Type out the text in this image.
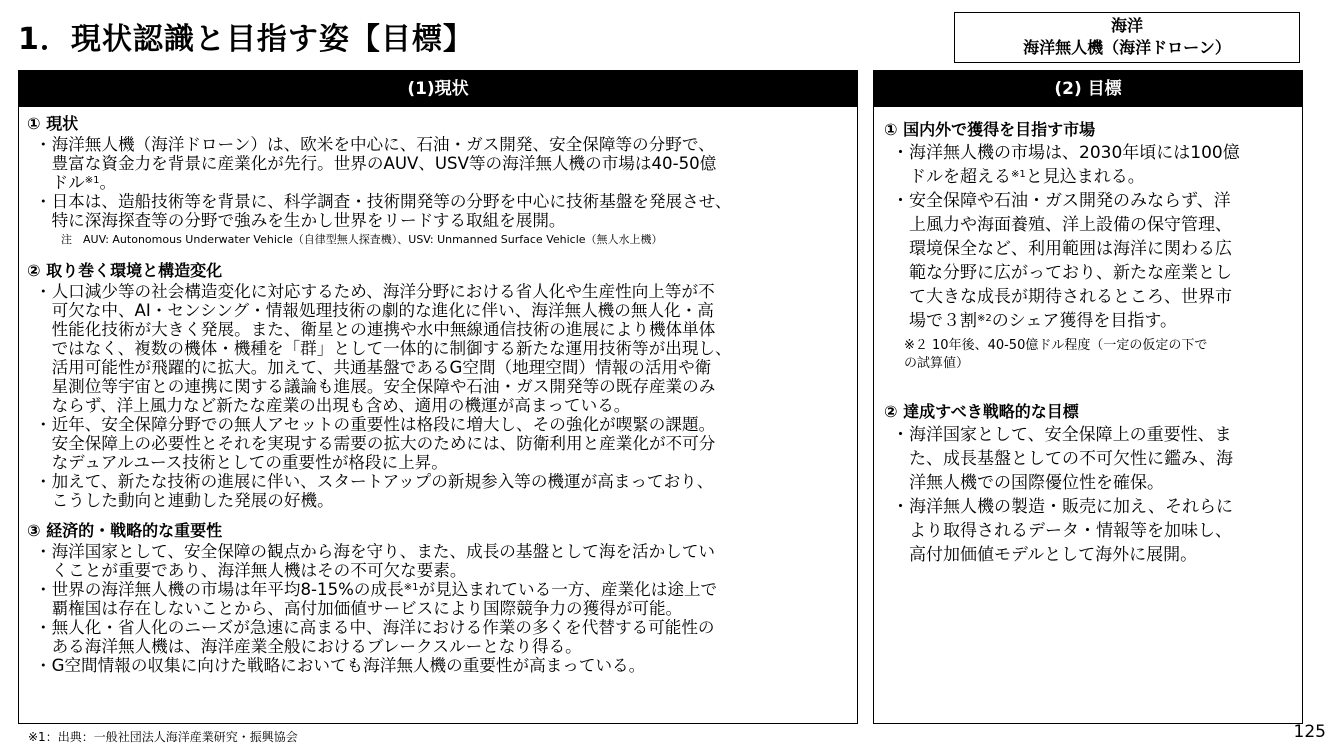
1．現状認識と目指す姿【目標】	海洋
海洋無人機（海洋ドローン）
(1)現状
① 現状
・ 海洋無人機（海洋ドローン）は、欧米を中心に、石油・ガス開発、安全保障等の分野で、
豊富な資金力を背景に産業化が先行。世界のAUV、USV等の海洋無人機の市場は40-50億
ドル$^{※1}$。
・ 日本は、造船技術等を背景に、科学調査・技術開発等の分野を中心に技術基盤を発展させ、
特に深海探査等の分野で強みを生かし世界をリードする取組を展開。
注　AUV: Autonomous Underwater Vehicle（自律型無人探査機）、USV: Unmanned Surface Vehicle（無人水上機）
② 取り巻く環境と構造変化
・ 人口減少等の社会構造変化に対応するため、海洋分野における省人化や生産性向上等が不
可欠な中、AI・センシング・情報処理技術の劇的な進化に伴い、海洋無人機の無人化・高
性能化技術が大きく発展。また、衛星との連携や水中無線通信技術の進展により機体単体
ではなく、複数の機体・機種を「群」として一体的に制御する新たな運用技術等が出現し、
活用可能性が飛躍的に拡大。加えて、共通基盤であるG空間（地理空間）情報の活用や衛
星測位等宇宙との連携に関する議論も進展。安全保障や石油・ガス開発等の既存産業のみ
ならず、洋上風力など新たな産業の出現も含め、適用の機運が高まっている。
・ 近年、安全保障分野での無人アセットの重要性は格段に増大し、その強化が喫緊の課題。
安全保障上の必要性とそれを実現する需要の拡大のためには、防衛利用と産業化が不可分
なデュアルユース技術としての重要性が格段に上昇。
・ 加えて、新たな技術の進展に伴い、スタートアップの新規参入等の機運が高まっており、
こうした動向と連動した発展の好機。
③ 経済的・戦略的な重要性
・ 海洋国家として、安全保障の観点から海を守り、また、成長の基盤として海を活かしてい
くことが重要であり、海洋無人機はその不可欠な要素。
・ 世界の海洋無人機の市場は年平均8-15%の成長$^{※1}$が見込まれている一方、産業化は途上で
覇権国は存在しないことから、高付加価値サービスにより国際競争力の獲得が可能。
・ 無人化・省人化のニーズが急速に高まる中、海洋における作業の多くを代替する可能性の
ある海洋無人機は、海洋産業全般におけるブレークスルーとなり得る。
・ G空間情報の収集に向けた戦略においても海洋無人機の重要性が高まっている。
(2) 目標
① 国内外で獲得を目指す市場
・ 海洋無人機の市場は、2030年頃には100億
ドルを超える$^{※1}$と見込まれる。
・ 安全保障や石油・ガス開発のみならず、洋
上風力や海面養殖、洋上設備の保守管理、
環境保全など、利用範囲は海洋に関わる広
範な分野に広がっており、新たな産業とし
て大きな成長が期待されるところ、世界市
場で３割$^{※2}$のシェア獲得を目指す。
※２ 10年後、40-50億ドル程度（一定の仮定の下で
の試算値）
② 達成すべき戦略的な目標
・ 海洋国家として、安全保障上の重要性、ま
た、成長基盤としての不可欠性に鑑み、海
洋無人機での国際優位性を確保。
・ 海洋無人機の製造・販売に加え、それらに
より取得されるデータ・情報等を加味し、
高付加価値モデルとして海外に展開。
※1：出典：一般社団法人海洋産業研究・振興協会	125
